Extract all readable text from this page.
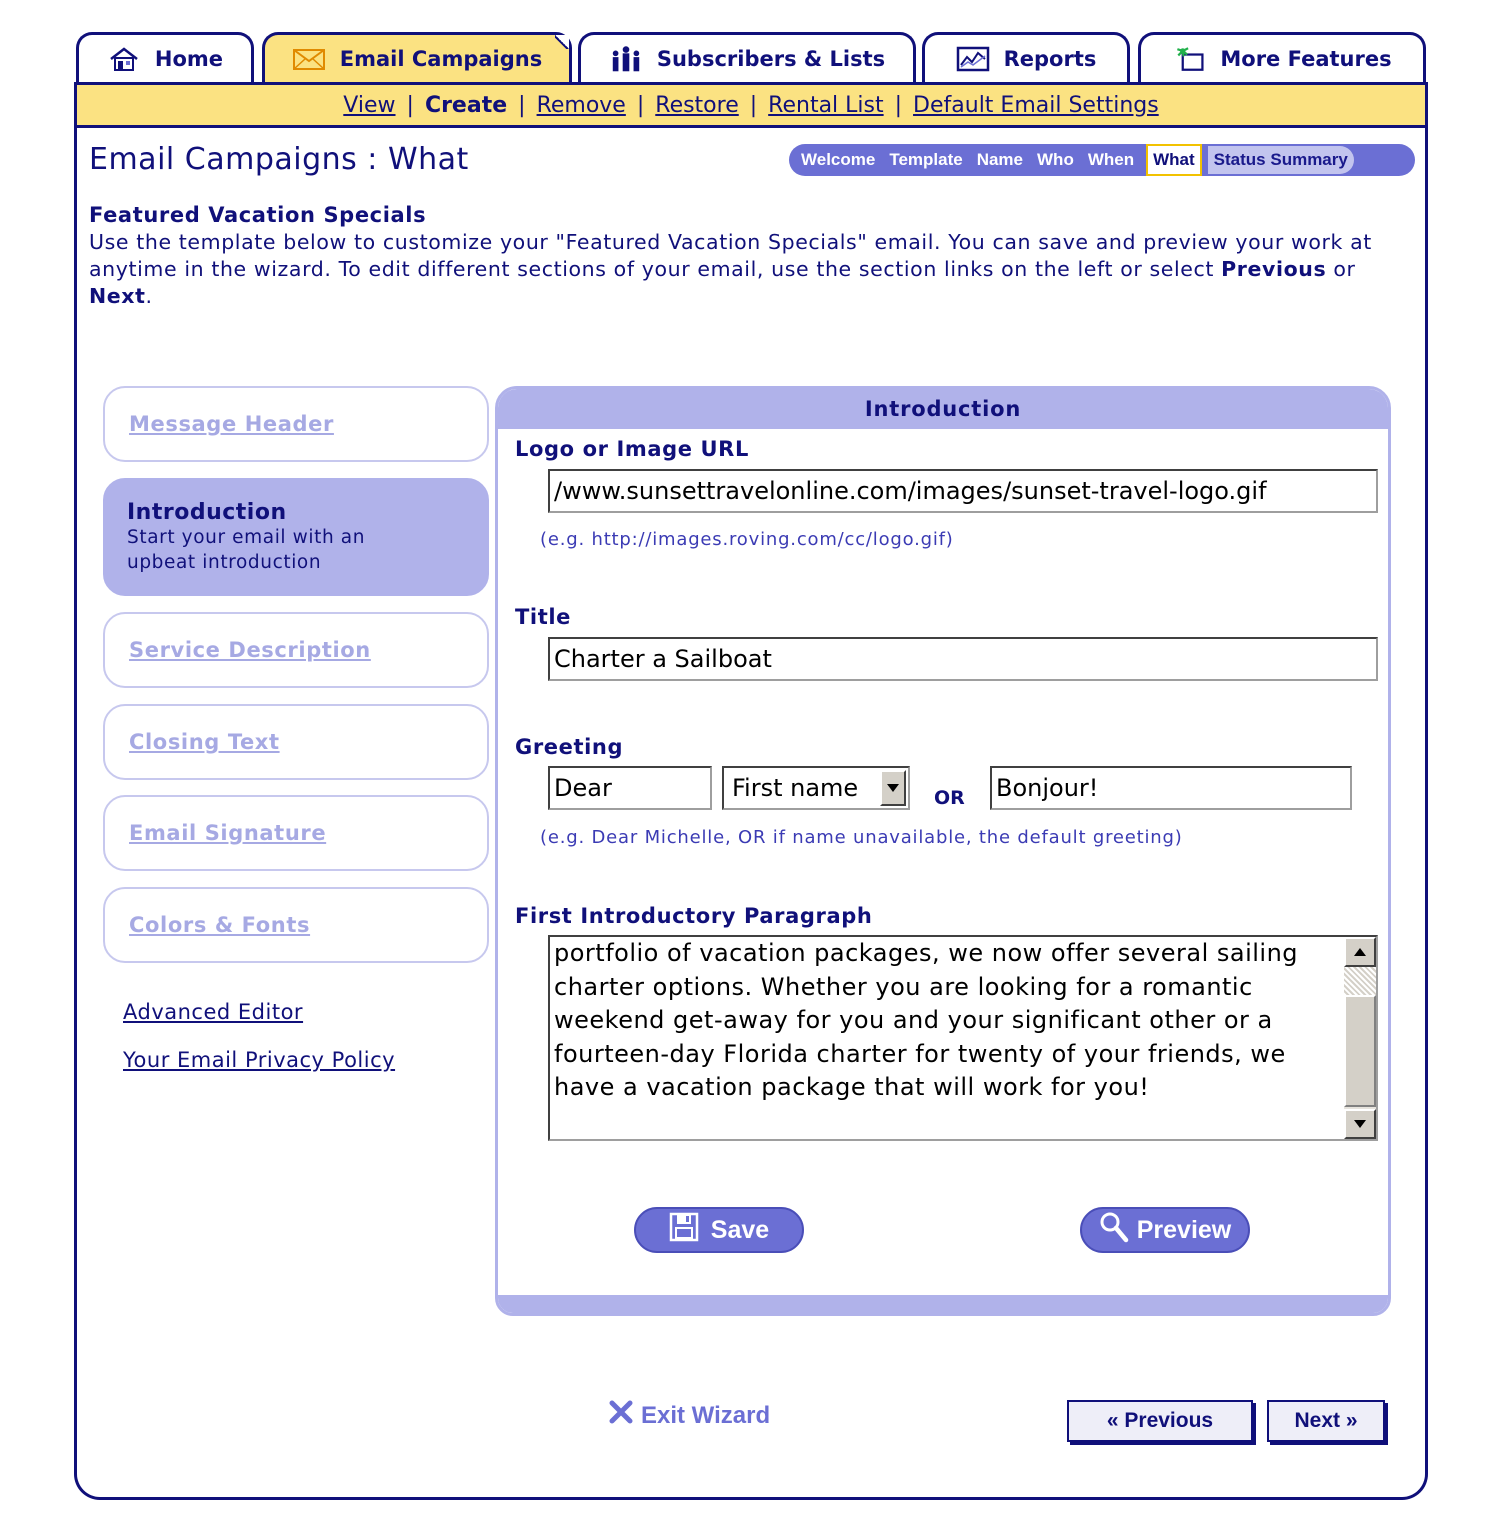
Home	Email Campaigns	Subscribers & Lists	Reports	More Features
View | Create | Remove | Restore | Rental List | Default Email Settings
Email Campaigns : What	Welcome Template Name Who When	What	Status Summary
Featured Vacation Specials
Use the template below to customize your "Featured Vacation Specials" email. You can save and preview your work at anytime in the wizard. To edit different sections of your email, use the section links on the left or select Previous or Next.
Message Header
Introduction
Start your email with an upbeat introduction
Service Description
Closing Text
Email Signature
Colors & Fonts
Advanced Editor
Your Email Privacy Policy
Introduction
Logo or Image URL
/www.sunsettravelonline.com/images/sunset-travel-logo.gif
(e.g. http://images.roving.com/cc/logo.gif)
Title
Charter a Sailboat
Greeting
Dear	First name	OR Bonjour!
(e.g. Dear Michelle, OR if name unavailable, the default greeting)
First Introductory Paragraph
portfolio of vacation packages, we now offer several sailing charter options. Whether you are looking for a romantic weekend get-away for you and your significant other or a fourteen-day Florida charter for twenty of your friends, we have a vacation package that will work for you!
Save	Preview
Exit Wizard	« Previous	Next »
